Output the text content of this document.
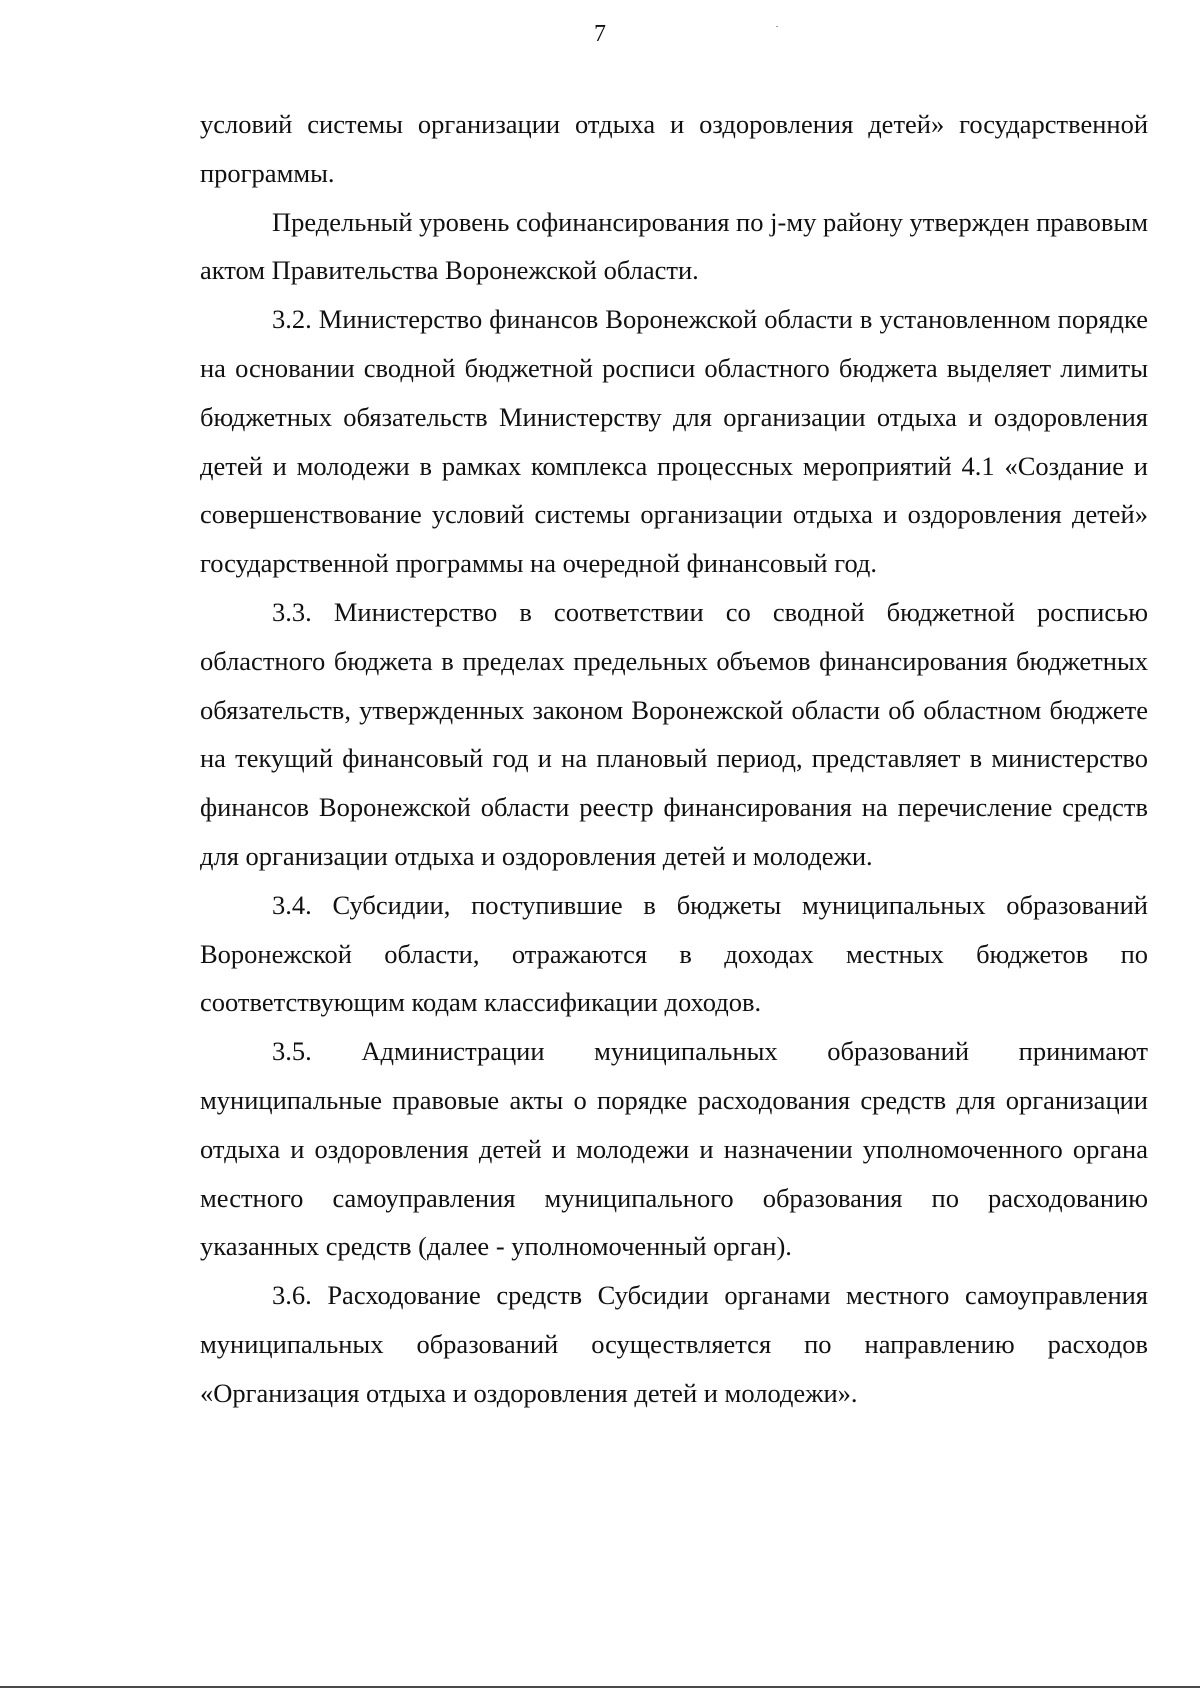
7

условий системы организации отдыха и оздоровления детей» государственной программы.

Предельный уровень софинансирования по j-му району утвержден правовым актом Правительства Воронежской области.

3.2. Министерство финансов Воронежской области в установленном порядке на основании сводной бюджетной росписи областного бюджета выделяет лимиты бюджетных обязательств Министерству для организации отдыха и оздоровления детей и молодежи в рамках комплекса процессных мероприятий 4.1 «Создание и совершенствование условий системы организации отдыха и оздоровления детей» государственной программы на очередной финансовый год.

3.3. Министерство в соответствии со сводной бюджетной росписью областного бюджета в пределах предельных объемов финансирования бюджетных обязательств, утвержденных законом Воронежской области об областном бюджете на текущий финансовый год и на плановый период, представляет в министерство финансов Воронежской области реестр финансирования на перечисление средств для организации отдыха и оздоровления детей и молодежи.

3.4. Субсидии, поступившие в бюджеты муниципальных образований Воронежской области, отражаются в доходах местных бюджетов по соответствующим кодам классификации доходов.

3.5. Администрации муниципальных образований принимают муниципальные правовые акты о порядке расходования средств для организации отдыха и оздоровления детей и молодежи и назначении уполномоченного органа местного самоуправления муниципального образования по расходованию указанных средств (далее - уполномоченный орган).

3.6. Расходование средств Субсидии органами местного самоуправления муниципальных образований осуществляется по направлению расходов «Организация отдыха и оздоровления детей и молодежи».
